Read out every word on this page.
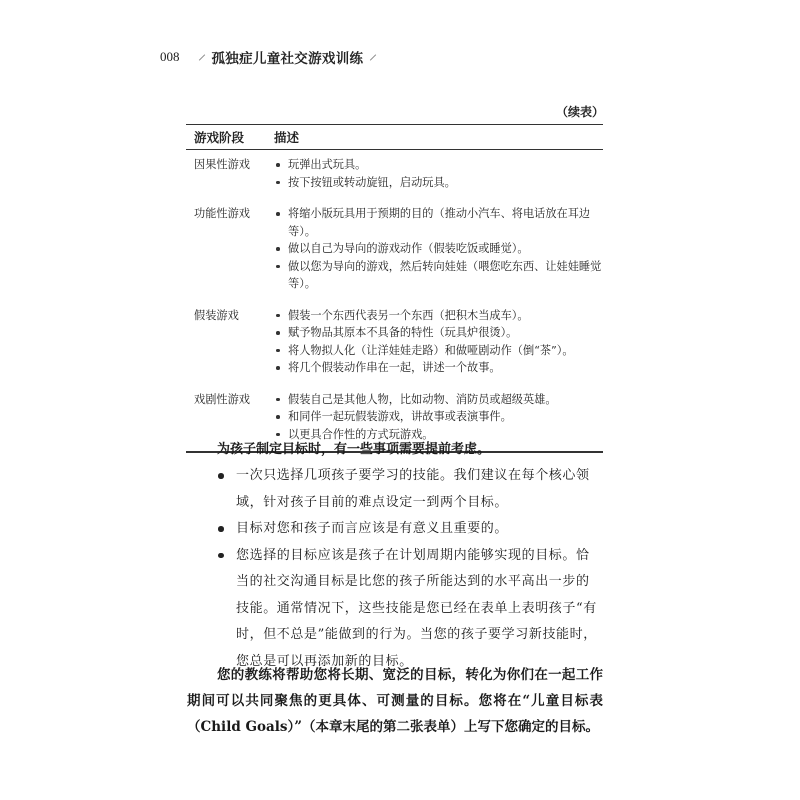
008 孤独症儿童社交游戏训练
（续表）
游戏阶段	描述
因果性游戏	玩弹出式玩具。
按下按钮或转动旋钮，启动玩具。
功能性游戏	将缩小版玩具用于预期的目的（推动小汽车、将电话放在耳边等）。
做以自己为导向的游戏动作（假装吃饭或睡觉）。
做以您为导向的游戏，然后转向娃娃（喂您吃东西、让娃娃睡觉等）。
假装游戏	假装一个东西代表另一个东西（把积木当成车）。
赋予物品其原本不具备的特性（玩具炉很烫）。
将人物拟人化（让洋娃娃走路）和做哑剧动作（倒“茶”）。
将几个假装动作串在一起，讲述一个故事。
戏剧性游戏	假装自己是其他人物，比如动物、消防员或超级英雄。
和同伴一起玩假装游戏，讲故事或表演事件。
以更具合作性的方式玩游戏。

为孩子制定目标时，有一些事项需要提前考虑。

一次只选择几项孩子要学习的技能。我们建议在每个核心领域，针对孩子目前的难点设定一到两个目标。
目标对您和孩子而言应该是有意义且重要的。
您选择的目标应该是孩子在计划周期内能够实现的目标。恰当的社交沟通目标是比您的孩子所能达到的水平高出一步的技能。通常情况下，这些技能是您已经在表单上表明孩子“有时，但不总是”能做到的行为。当您的孩子要学习新技能时，您总是可以再添加新的目标。

您的教练将帮助您将长期、宽泛的目标，转化为你们在一起工作期间可以共同聚焦的更具体、可测量的目标。您将在“儿童目标表（Child Goals）”（本章末尾的第二张表单）上写下您确定的目标。
